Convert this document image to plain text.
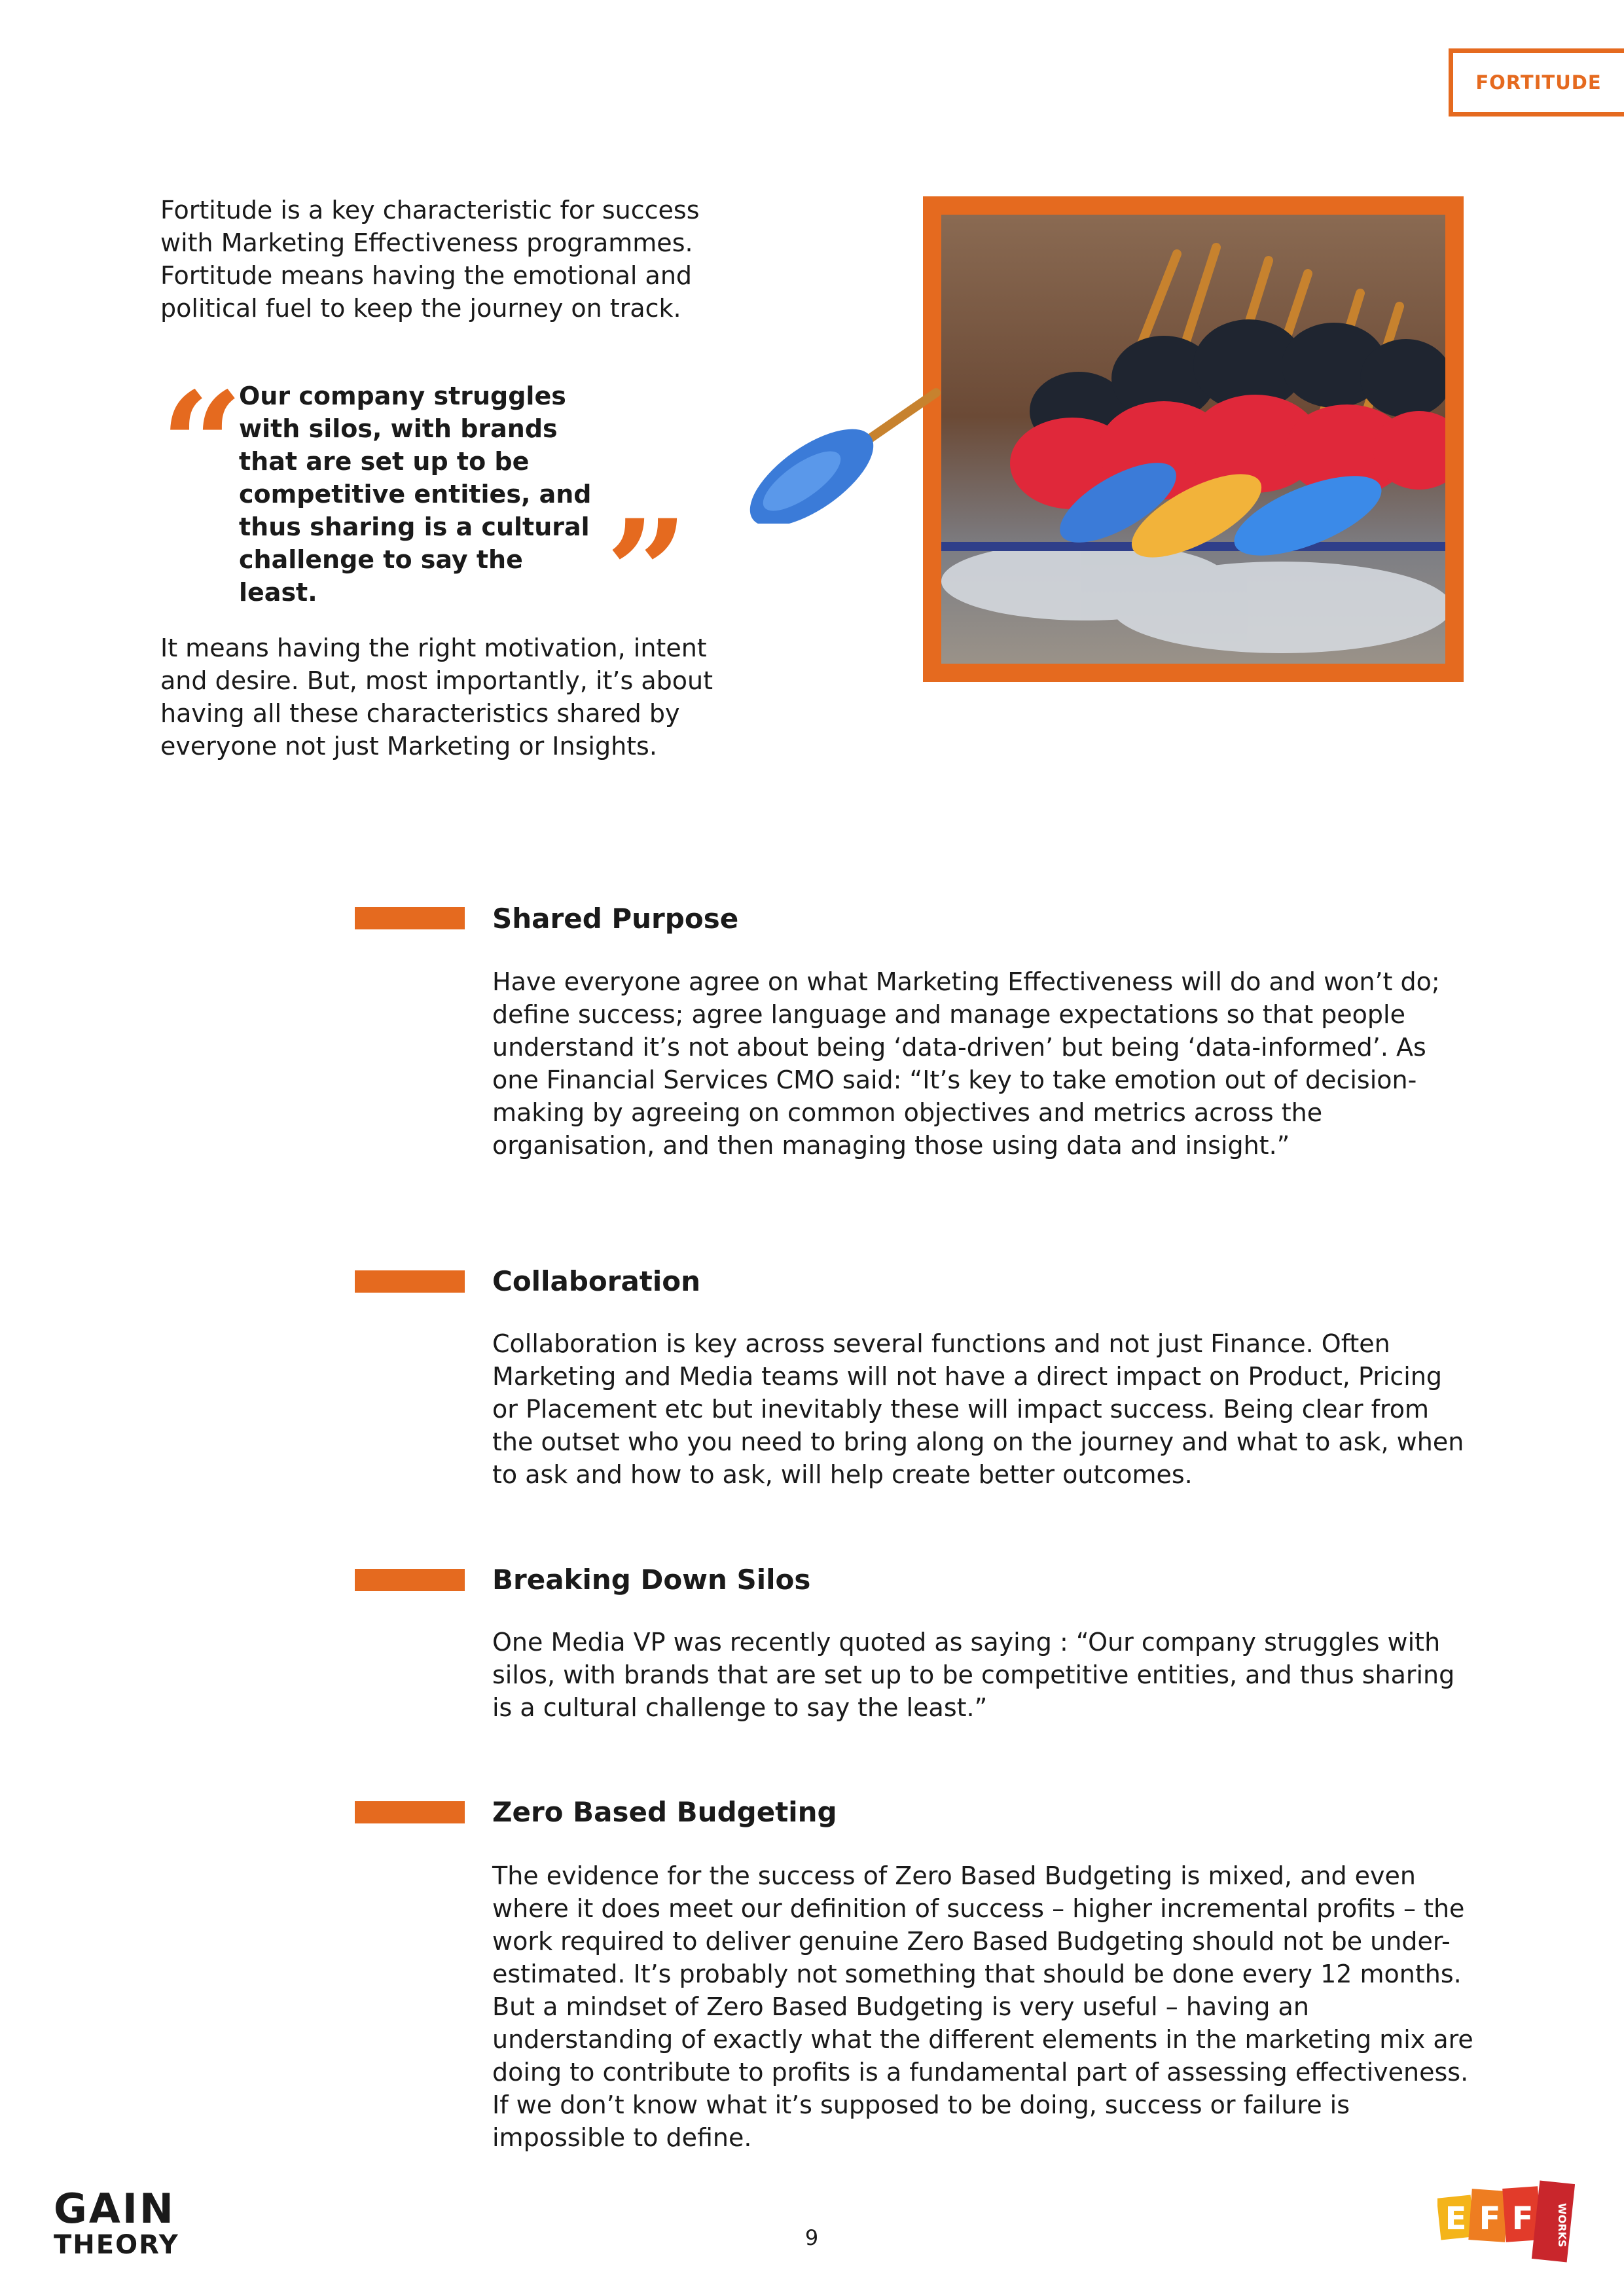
FORTITUDE

Fortitude is a key characteristic for success with Marketing Effectiveness programmes. Fortitude means having the emotional and political fuel to keep the journey on track.

“

Our company struggles with silos, with brands that are set up to be competitive entities, and thus sharing is a cultural challenge to say the least.	”

It means having the right motivation, intent and desire. But, most importantly, it’s about having all these characteristics shared by everyone not just Marketing or Insights.

Shared Purpose

Have everyone agree on what Marketing Effectiveness will do and won’t do; define success; agree language and manage expectations so that people understand it’s not about being ‘data-driven’ but being ‘data-informed’. As one Financial Services CMO said: “It’s key to take emotion out of decision-making by agreeing on common objectives and metrics across the organisation, and then managing those using data and insight.”

Collaboration

Collaboration is key across several functions and not just Finance. Often Marketing and Media teams will not have a direct impact on Product, Pricing or Placement etc but inevitably these will impact success. Being clear from the outset who you need to bring along on the journey and what to ask, when to ask and how to ask, will help create better outcomes.

Breaking Down Silos

One Media VP was recently quoted as saying : “Our company struggles with silos, with brands that are set up to be competitive entities, and thus sharing is a cultural challenge to say the least.”

Zero Based Budgeting

The evidence for the success of Zero Based Budgeting is mixed, and even where it does meet our definition of success – higher incremental profits – the work required to deliver genuine Zero Based Budgeting should not be under-estimated. It’s probably not something that should be done every 12 months. But a mindset of Zero Based Budgeting is very useful – having an understanding of exactly what the different elements in the marketing mix are doing to contribute to profits is a fundamental part of assessing effectiveness. If we don’t know what it’s supposed to be doing, success or failure is impossible to define.

GAIN
THEORY	9
E F F WORKS
